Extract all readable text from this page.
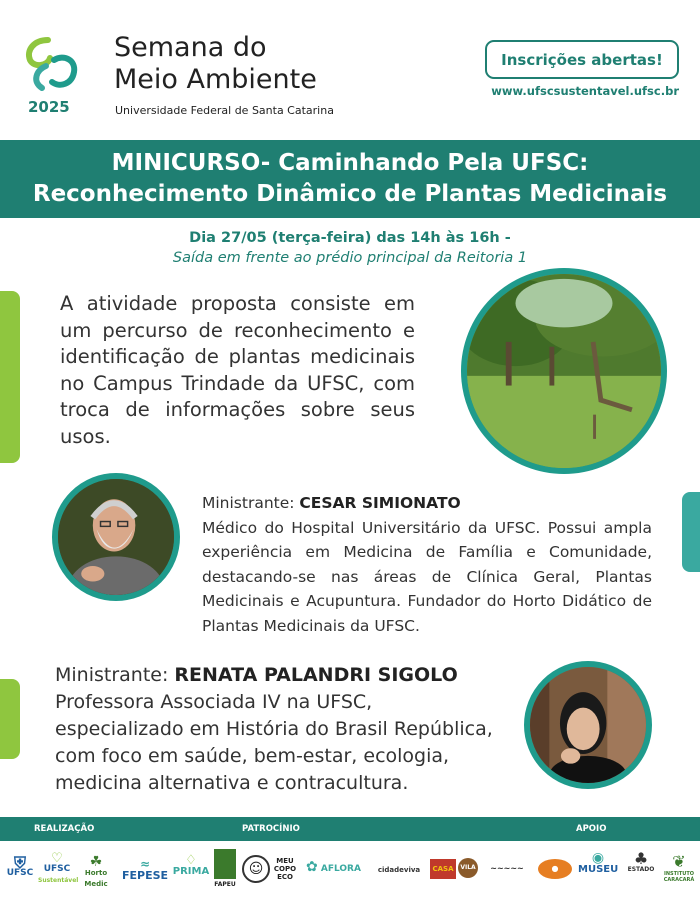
2025
Semana do
Meio Ambiente
Universidade Federal de Santa Catarina
Inscrições abertas!
www.ufscsustentavel.ufsc.br
MINICURSO- Caminhando Pela UFSC:
Reconhecimento Dinâmico de Plantas Medicinais
Dia 27/05 (terça-feira) das 14h às 16h -
Saída em frente ao prédio principal da Reitoria 1
A atividade proposta consiste em um percurso de reconhecimento e identificação de plantas medicinais no Campus Trindade da UFSC, com troca de informações sobre seus usos.
Ministrante: CESAR SIMIONATO
Médico do Hospital Universitário da UFSC. Possui ampla experiência em Medicina de Família e Comunidade, destacando-se nas áreas de Clínica Geral, Plantas Medicinais e Acupuntura. Fundador do Horto Didático de Plantas Medicinais da UFSC.
Ministrante: RENATA PALANDRI SIGOLO
Professora Associada IV na UFSC, especializado em História do Brasil República, com foco em saúde, bem-estar, ecologia, medicina alternativa e contracultura.
REALIZAÇÃO	PATROCÍNIO	APOIO
⛨
UFSC
♡
UFSC
Sustentável
☘
Horto Medic
≈
FEPESE
♢
PRIMA
FAPEU
☺	MEU COPO ECO
✿ AFLORA	cidadeviva	CASA	VILA	~~~~~	●
◉
MUSEU
♣
ESTADO	❦
INSTITUTO CARACARÁ
